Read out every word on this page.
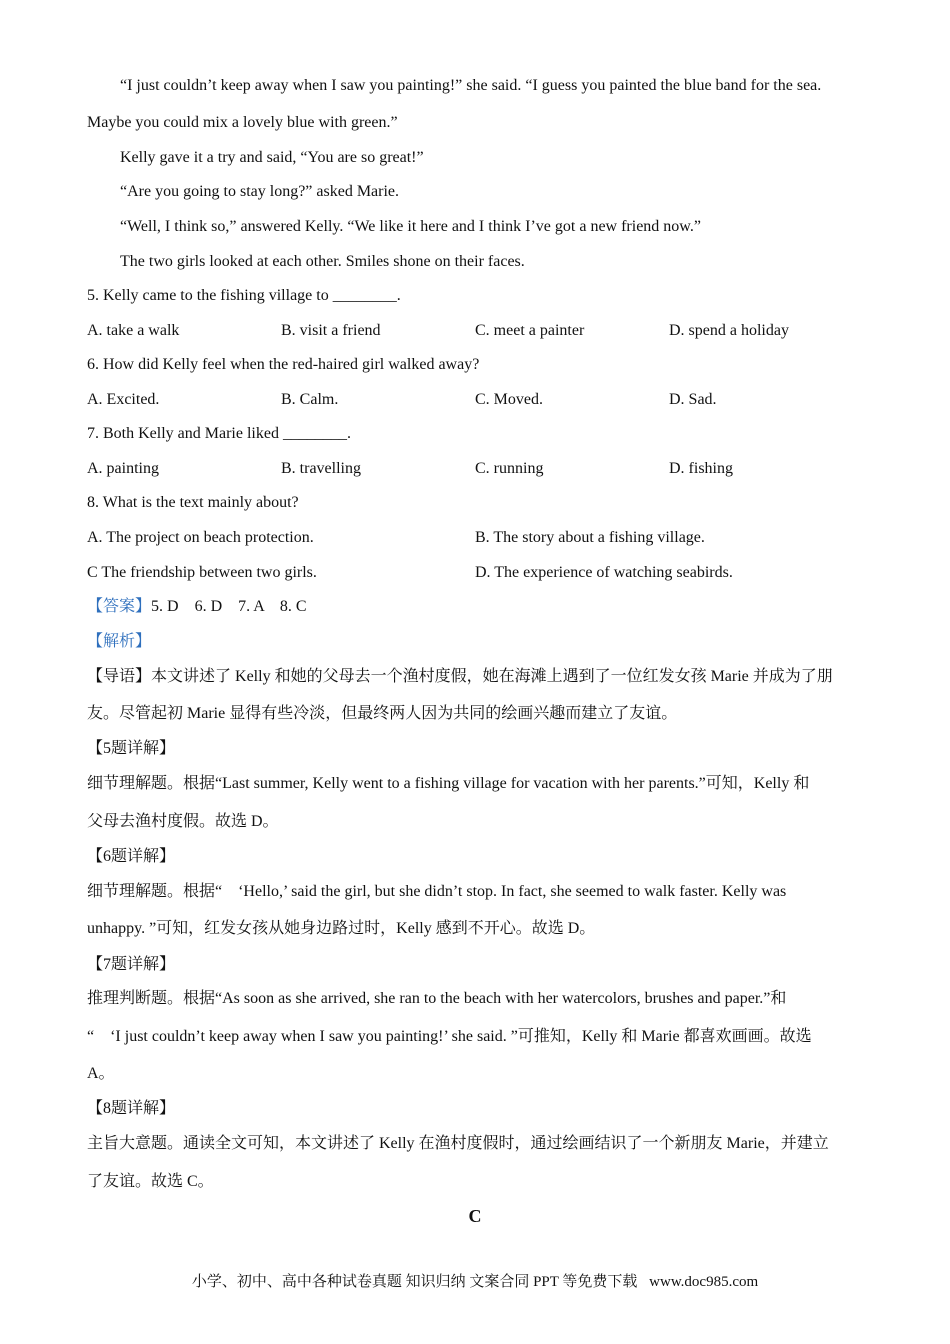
“I just couldn’t keep away when I saw you painting!” she said. “I guess you painted the blue band for the sea.
Maybe you could mix a lovely blue with green.”
Kelly gave it a try and said, “You are so great!”
“Are you going to stay long?” asked Marie.
“Well, I think so,” answered Kelly. “We like it here and I think I’ve got a new friend now.”
The two girls looked at each other. Smiles shone on their faces.
5. Kelly came to the fishing village to ________.
A. take a walk	B. visit a friend	C. meet a painter	D. spend a holiday
6. How did Kelly feel when the red-haired girl walked away?
A. Excited.	B. Calm.	C. Moved.	D. Sad.
7. Both Kelly and Marie liked ________.
A. painting	B. travelling	C. running	D. fishing
8. What is the text mainly about?
A. The project on beach protection.	B. The story about a fishing village.
C The friendship between two girls.	D. The experience of watching seabirds.
【答案】5. D    6. D    7. A    8. C
【解析】
【导语】本文讲述了 Kelly 和她的父母去一个渔村度假，她在海滩上遇到了一位红发女孩 Marie 并成为了朋
友。尽管起初 Marie 显得有些冷淡，但最终两人因为共同的绘画兴趣而建立了友谊。
【5题详解】
细节理解题。根据“Last summer, Kelly went to a fishing village for vacation with her parents.”可知，Kelly 和
父母去渔村度假。故选 D。
【6题详解】
细节理解题。根据“　‘Hello,’ said the girl, but she didn’t stop. In fact, she seemed to walk faster. Kelly was
unhappy. ”可知，红发女孩从她身边路过时，Kelly 感到不开心。故选 D。
【7题详解】
推理判断题。根据“As soon as she arrived, she ran to the beach with her watercolors, brushes and paper.”和
“　‘I just couldn’t keep away when I saw you painting!’ she said. ”可推知，Kelly 和 Marie 都喜欢画画。故选
A。
【8题详解】
主旨大意题。通读全文可知，本文讲述了 Kelly 在渔村度假时，通过绘画结识了一个新朋友 Marie，并建立
了友谊。故选 C。
C
小学、初中、高中各种试卷真题 知识归纳 文案合同 PPT 等免费下载 www.doc985.com
